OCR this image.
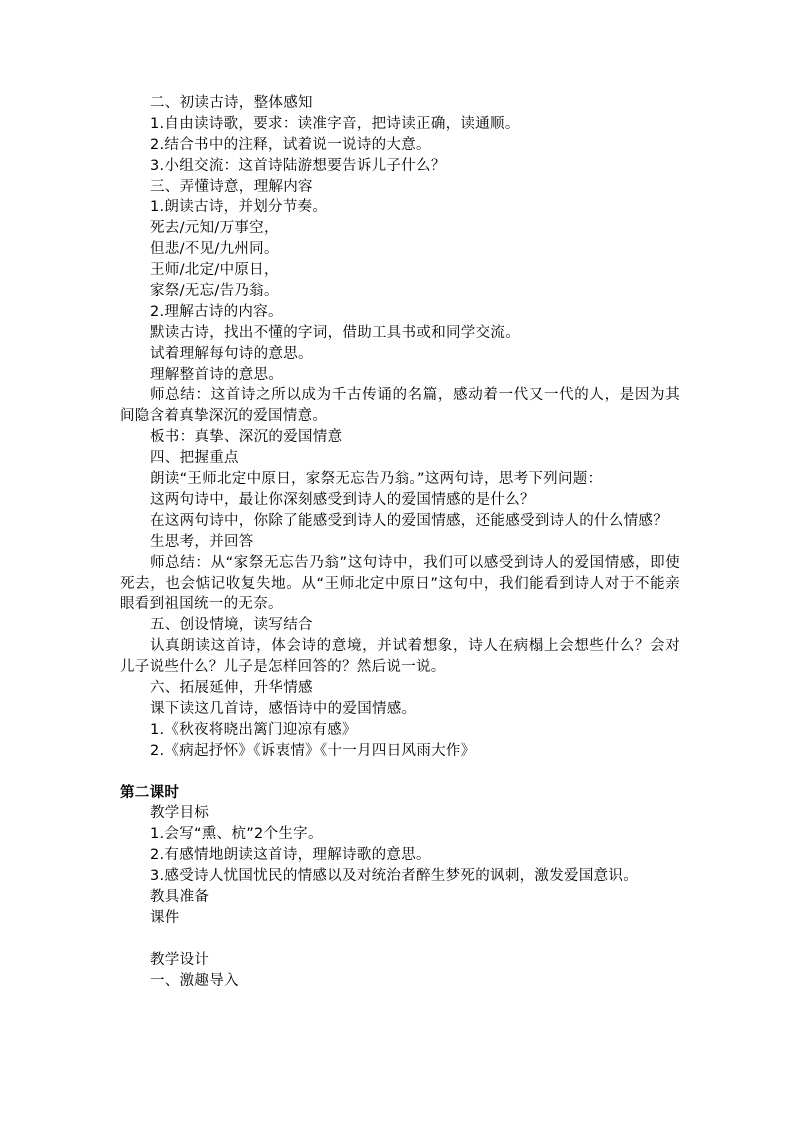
二、初读古诗，整体感知
1.自由读诗歌，要求：读准字音，把诗读正确，读通顺。
2.结合书中的注释，试着说一说诗的大意。
3.小组交流：这首诗陆游想要告诉儿子什么？
三、弄懂诗意，理解内容
1.朗读古诗，并划分节奏。
死去/元知/万事空，
但悲/不见/九州同。
王师/北定/中原日，
家祭/无忘/告乃翁。
2.理解古诗的内容。
默读古诗，找出不懂的字词，借助工具书或和同学交流。
试着理解每句诗的意思。
理解整首诗的意思。
师总结：这首诗之所以成为千古传诵的名篇，感动着一代又一代的人，是因为其间隐含着真挚深沉的爱国情意。
板书：真挚、深沉的爱国情意
四、把握重点
朗读“王师北定中原日，家祭无忘告乃翁。”这两句诗，思考下列问题：
这两句诗中，最让你深刻感受到诗人的爱国情感的是什么？
在这两句诗中，你除了能感受到诗人的爱国情感，还能感受到诗人的什么情感？
生思考，并回答
师总结：从“家祭无忘告乃翁”这句诗中，我们可以感受到诗人的爱国情感，即使死去，也会惦记收复失地。从“王师北定中原日”这句中，我们能看到诗人对于不能亲眼看到祖国统一的无奈。
五、创设情境，读写结合
认真朗读这首诗，体会诗的意境，并试着想象，诗人在病榻上会想些什么？会对儿子说些什么？儿子是怎样回答的？然后说一说。
六、拓展延伸，升华情感
课下读这几首诗，感悟诗中的爱国情感。
1.《秋夜将晓出篱门迎凉有感》
2.《病起抒怀》《诉衷情》《十一月四日风雨大作》
第二课时
教学目标
1.会写“熏、杭”2个生字。
2.有感情地朗读这首诗，理解诗歌的意思。
3.感受诗人忧国忧民的情感以及对统治者醉生梦死的讽刺，激发爱国意识。
教具准备
课件
教学设计
一、激趣导入
